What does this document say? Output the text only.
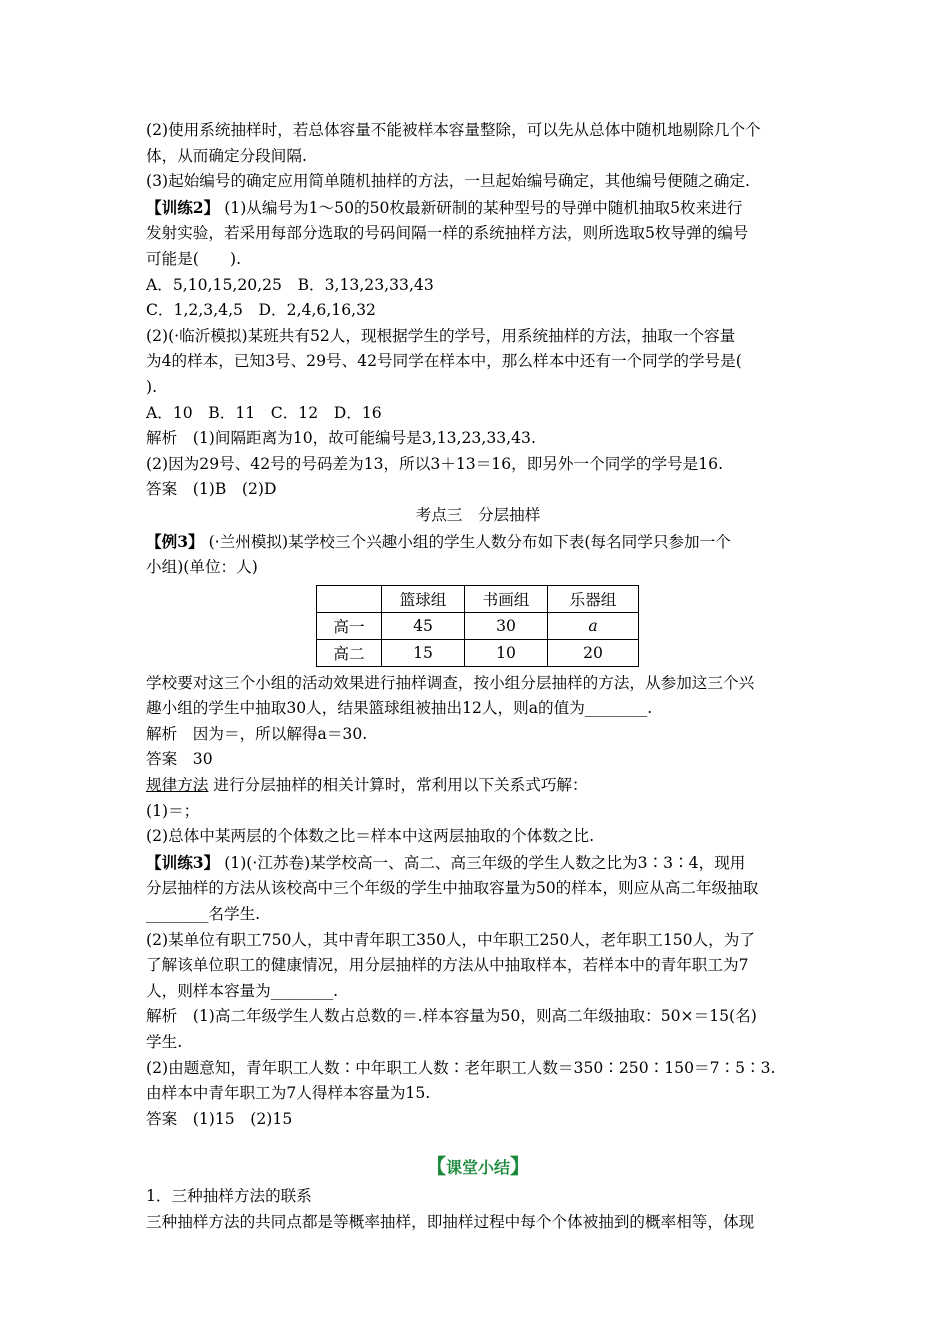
(2)使用系统抽样时，若总体容量不能被样本容量整除，可以先从总体中随机地剔除几个个
体，从而确定分段间隔.
(3)起始编号的确定应用简单随机抽样的方法，一旦起始编号确定，其他编号便随之确定.
【训练2】 (1)从编号为1～50的50枚最新研制的某种型号的导弹中随机抽取5枚来进行
发射实验，若采用每部分选取的号码间隔一样的系统抽样方法，则所选取5枚导弹的编号
可能是(　　).
A．5,10,15,20,25　B．3,13,23,33,43
C．1,2,3,4,5　D．2,4,6,16,32
(2)(·临沂模拟)某班共有52人，现根据学生的学号，用系统抽样的方法，抽取一个容量
为4的样本，已知3号、29号、42号同学在样本中，那么样本中还有一个同学的学号是(
).
A．10　B．11　C．12　D．16
解析　(1)间隔距离为10，故可能编号是3,13,23,33,43.
(2)因为29号、42号的号码差为13，所以3＋13＝16，即另外一个同学的学号是16.
答案　(1)B　(2)D
考点三　分层抽样
【例3】 (·兰州模拟)某学校三个兴趣小组的学生人数分布如下表(每名同学只参加一个
小组)(单位：人)
	篮球组	书画组	乐器组
高一	45	30	a
高二	15	10	20
学校要对这三个小组的活动效果进行抽样调查，按小组分层抽样的方法，从参加这三个兴
趣小组的学生中抽取30人，结果篮球组被抽出12人，则a的值为________.
解析　因为＝，所以解得a＝30.
答案　30
规律方法 进行分层抽样的相关计算时，常利用以下关系式巧解：
(1)＝；
(2)总体中某两层的个体数之比＝样本中这两层抽取的个体数之比.
【训练3】 (1)(·江苏卷)某学校高一、高二、高三年级的学生人数之比为3∶3∶4，现用
分层抽样的方法从该校高中三个年级的学生中抽取容量为50的样本，则应从高二年级抽取
________名学生.
(2)某单位有职工750人，其中青年职工350人，中年职工250人，老年职工150人，为了
了解该单位职工的健康情况，用分层抽样的方法从中抽取样本，若样本中的青年职工为7
人，则样本容量为________.
解析　(1)高二年级学生人数占总数的＝.样本容量为50，则高二年级抽取：50×＝15(名)
学生.
(2)由题意知，青年职工人数∶中年职工人数∶老年职工人数＝350∶250∶150＝7∶5∶3.
由样本中青年职工为7人得样本容量为15.
答案　(1)15　(2)15
【课堂小结】
1．三种抽样方法的联系
三种抽样方法的共同点都是等概率抽样，即抽样过程中每个个体被抽到的概率相等，体现
